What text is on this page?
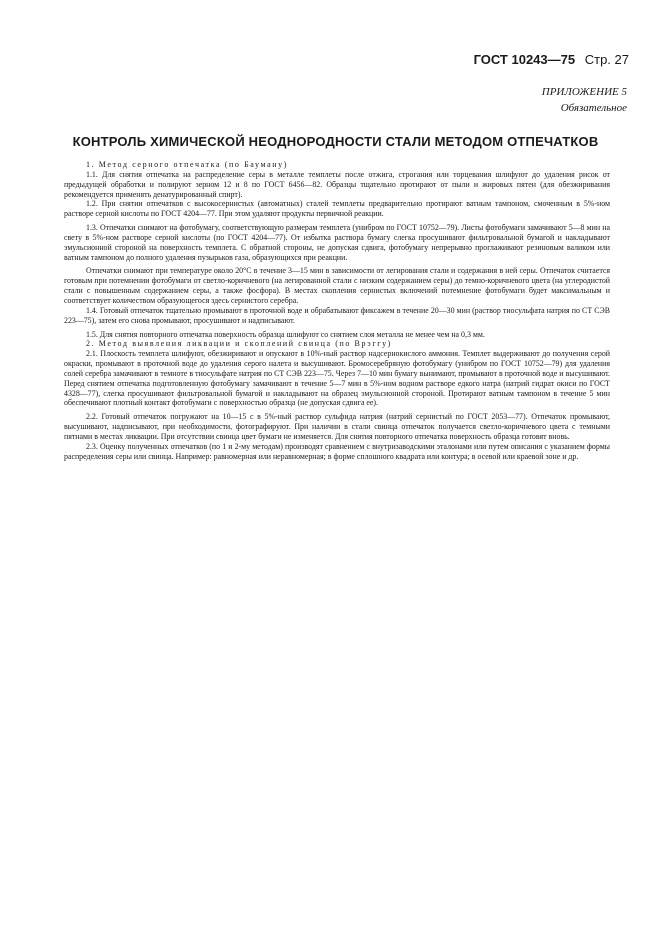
ГОСТ 10243—75 Стр. 27
ПРИЛОЖЕНИЕ 5
Обязательное
КОНТРОЛЬ ХИМИЧЕСКОЙ НЕОДНОРОДНОСТИ СТАЛИ МЕТОДОМ ОТПЕЧАТКОВ
1. Метод серного отпечатка (по Бауману)

1.1. Для снятия отпечатка на распределение серы в металле темплеты после отжига, строгания или торцевания шлифуют до удаления рисок от предыдущей обработки и полируют зерном 12 и 8 по ГОСТ 6456—82. Образцы тщательно протирают от пыли и жировых пятен (для обезжиривания рекомендуется применять денатурированный спирт).

1.2. При снятии отпечатков с высокосернистых (автоматных) сталей темплеты предварительно протирают ватным тампоном, смоченным в 5%-ном растворе серной кислоты по ГОСТ 4204—77. При этом удаляют продукты первичной реакции.

1.3. Отпечатки снимают на фотобумагу, соответствующую размерам темплета (унибром по ГОСТ 10752—79). Листы фотобумаги замачивают 5—8 мин на свету в 5%-ном растворе серной кислоты (по ГОСТ 4204—77). От избытка раствора бумагу слегка просушивают фильтровальной бумагой и накладывают эмульсионной стороной на поверхность темплета. С обратной стороны, не допуская сдвига, фотобумагу непрерывно проглаживают резиновым валиком или ватным тампоном до полного удаления пузырьков газа, образующихся при реакции.

Отпечатки снимают при температуре около 20°С в течение 3—15 мин в зависимости от легирования стали и содержания в ней серы. Отпечаток считается готовым при потемнении фотобумаги от светло-коричневого (на легированной стали с низким содержанием серы) до темно-коричневого цвета (на углеродистой стали с повышенным содержанием серы, а также фосфора). В местах скопления сернистых включений потемнение фотобумаги будет максимальным и соответствует количеством образующегося здесь сернистого серебра.

1.4. Готовый отпечаток тщательно промывают в проточной воде и обрабатывают фиксажем в течение 20—30 мин (раствор тиосульфата натрия по СТ СЭВ 223—75), затем его снова промывают, просушивают и надписывают.

1.5. Для снятия повторного отпечатка поверхность образца шлифуют со снятием слоя металла не менее чем на 0,3 мм.

2. Метод выявления ликвации и скоплений свинца (по Врэггу)

2.1. Плоскость темплета шлифуют, обезжиривают и опускают в 10%-ный раствор надсернокислого аммония. Темплет выдерживают до получения серой окраски, промывают в проточной воде до удаления серого налета и высушивают. Бромосеребряную фотобумагу (унибром по ГОСТ 10752—79) для удаления солей серебра замачивают в темноте в тиосульфате натрия по СТ СЭВ 223—75. Через 7—10 мин бумагу вынимают, промывают в проточной воде и высушивают. Перед снятием отпечатка подготовленную фотобумагу замачивают в течение 5—7 мин в 5%-ном водном растворе едкого натра (натрий гидрат окиси по ГОСТ 4328—77), слегка просушивают фильтровальной бумагой и накладывают на образец эмульсионной стороной. Протирают ватным тампоном в течение 5 мин обеспечивают плотный контакт фотобумаги с поверхностью образца (не допуская сдвига ее).

2.2. Готовый отпечаток погружают на 10—15 с в 5%-ный раствор сульфида натрия (натрий сернистый по ГОСТ 2053—77). Отпечаток промывают, высушивают, надписывают, при необходимости, фотографируют. При наличии в стали свинца отпечаток получается светло-коричневого цвета с темными пятнами в местах ликвации. При отсутствии свинца цвет бумаги не изменяется. Для снятия повторного отпечатка поверхность образца готовят вновь.

2.3. Оценку полученных отпечатков (по 1 и 2-му методам) производят сравнением с внутризаводскими эталонами или путем описания с указанием формы распределения серы или свинца. Например: равномерная или неравномерная; в форме сплошного квадрата или контура; в осевой или краевой зоне и др.
